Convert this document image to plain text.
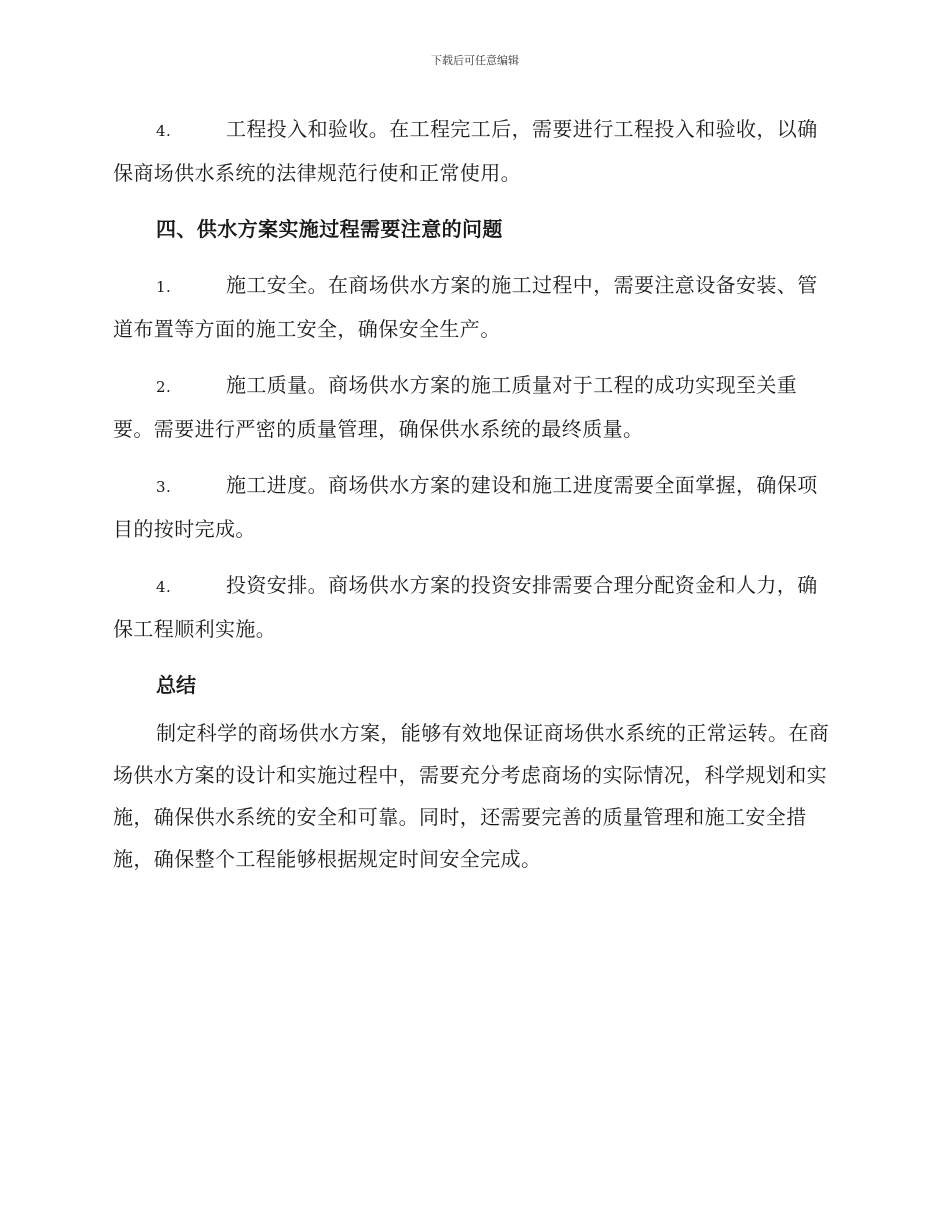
下载后可任意编辑

4.	工程投入和验收。在工程完工后，需要进行工程投入和验收，以确保商场供水系统的法律规范行使和正常使用。

四、供水方案实施过程需要注意的问题

1.	施工安全。在商场供水方案的施工过程中，需要注意设备安装、管道布置等方面的施工安全，确保安全生产。

2.	施工质量。商场供水方案的施工质量对于工程的成功实现至关重要。需要进行严密的质量管理，确保供水系统的最终质量。

3.	施工进度。商场供水方案的建设和施工进度需要全面掌握，确保项目的按时完成。

4.	投资安排。商场供水方案的投资安排需要合理分配资金和人力，确保工程顺利实施。

总结

制定科学的商场供水方案，能够有效地保证商场供水系统的正常运转。在商场供水方案的设计和实施过程中，需要充分考虑商场的实际情况，科学规划和实施，确保供水系统的安全和可靠。同时，还需要完善的质量管理和施工安全措施，确保整个工程能够根据规定时间安全完成。
